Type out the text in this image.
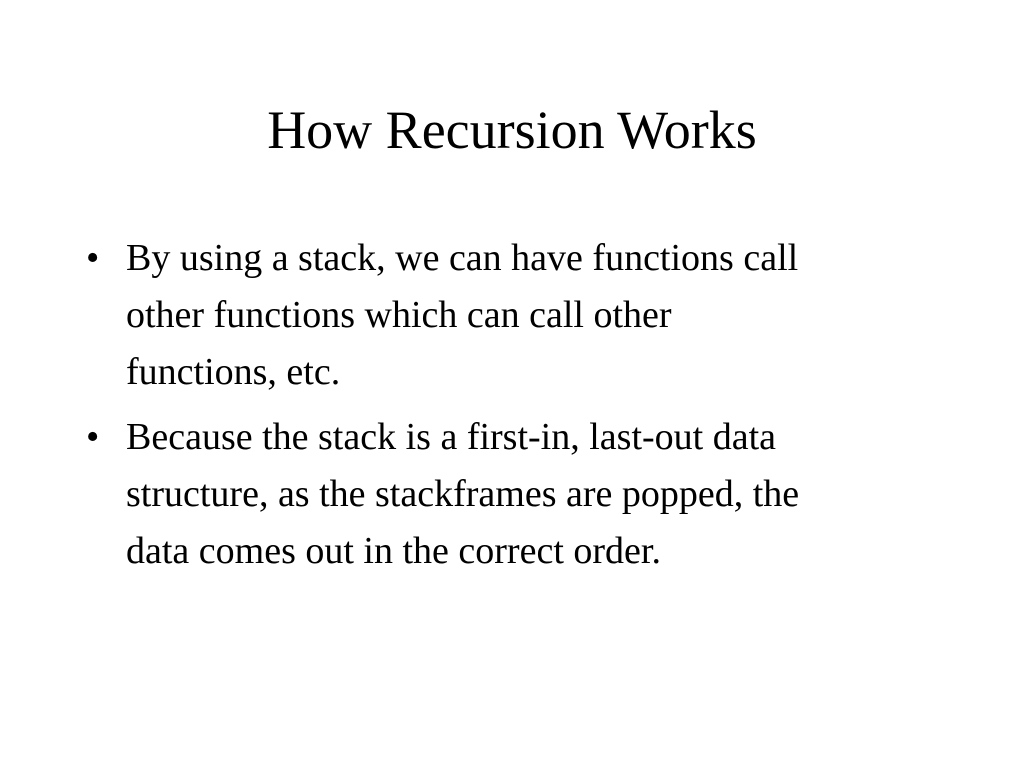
How Recursion Works
• By using a stack, we can have functions call
other functions which can call other
functions, etc.
• Because the stack is a first-in, last-out data
structure, as the stackframes are popped, the
data comes out in the correct order.
